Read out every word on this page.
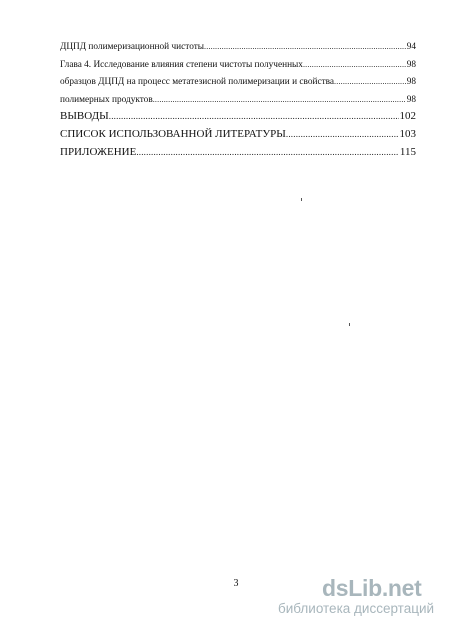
ДЦПД полимеризационной чистоты .....	94
Глава 4. Исследование влияния степени чистоты полученных .....	98
образцов ДЦПД на процесс метатезисной полимеризации и свойства .....	98
полимерных продуктов .....	98
ВЫВОДЫ .....	102
СПИСОК ИСПОЛЬЗОВАННОЙ ЛИТЕРАТУРЫ .....	103
ПРИЛОЖЕНИЕ .....	115
3	dsLib.net
библиотека диссертаций
